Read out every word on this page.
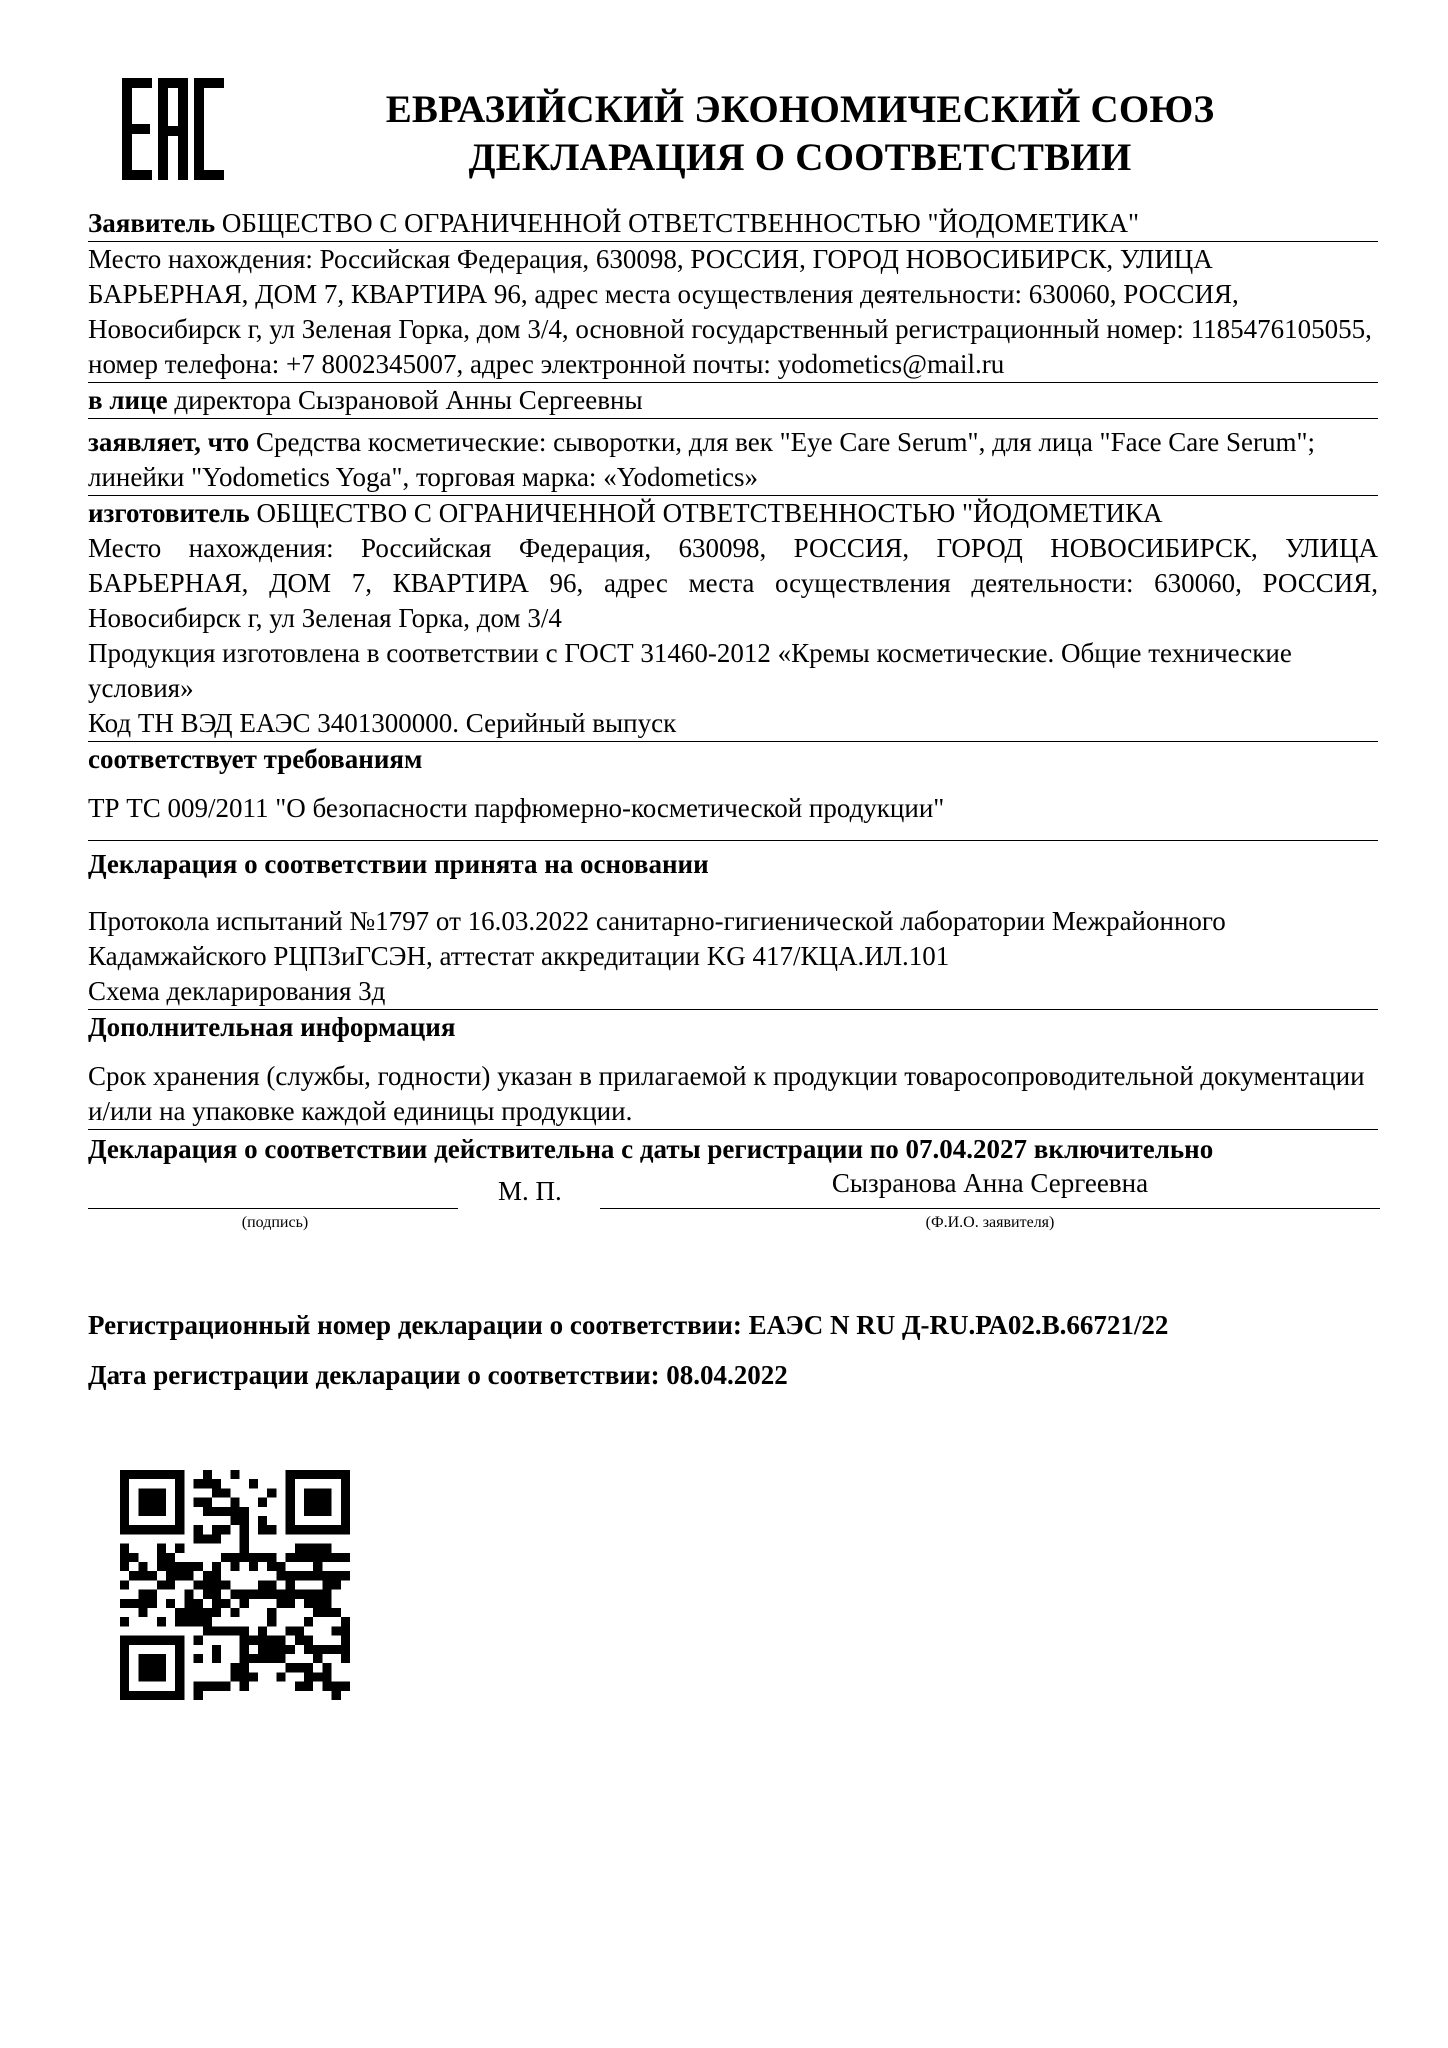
ЕВРАЗИЙСКИЙ ЭКОНОМИЧЕСКИЙ СОЮЗ
ДЕКЛАРАЦИЯ О СООТВЕТСТВИИ
Заявитель ОБЩЕСТВО С ОГРАНИЧЕННОЙ ОТВЕТСТВЕННОСТЬЮ "ЙОДОМЕТИКА"
Место нахождения: Российская Федерация, 630098, РОССИЯ, ГОРОД НОВОСИБИРСК, УЛИЦА БАРЬЕРНАЯ, ДОМ 7, КВАРТИРА 96, адрес места осуществления деятельности: 630060, РОССИЯ, Новосибирск г, ул Зеленая Горка, дом 3/4, основной государственный регистрационный номер: 1185476105055, номер телефона: +7 8002345007, адрес электронной почты: yodometics@mail.ru
в лице директора Сызрановой Анны Сергеевны
заявляет, что Средства косметические: сыворотки, для век "Eye Care Serum", для лица "Face Care Serum"; линейки "Yodometics Yoga", торговая марка: «Yodometics»
изготовитель ОБЩЕСТВО С ОГРАНИЧЕННОЙ ОТВЕТСТВЕННОСТЬЮ "ЙОДОМЕТИКА
Место нахождения: Российская Федерация, 630098, РОССИЯ, ГОРОД НОВОСИБИРСК, УЛИЦА БАРЬЕРНАЯ, ДОМ 7, КВАРТИРА 96, адрес места осуществления деятельности: 630060, РОССИЯ, Новосибирск г, ул Зеленая Горка, дом 3/4
Продукция изготовлена в соответствии с ГОСТ 31460-2012 «Кремы косметические. Общие технические условия»
Код ТН ВЭД ЕАЭС 3401300000. Серийный выпуск
соответствует требованиям
ТР ТС 009/2011 "О безопасности парфюмерно-косметической продукции"
Декларация о соответствии принята на основании
Протокола испытаний №1797 от 16.03.2022 санитарно-гигиенической лаборатории Межрайонного Кадамжайского РЦПЗиГСЭН, аттестат аккредитации KG 417/КЦА.ИЛ.101
Схема декларирования 3д
Дополнительная информация
Срок хранения (службы, годности) указан в прилагаемой к продукции товаросопроводительной документации и/или на упаковке каждой единицы продукции.
Декларация о соответствии действительна с даты регистрации по 07.04.2027 включительно
(подпись)
М. П.	Сызранова Анна Сергеевна
(Ф.И.О. заявителя)
Регистрационный номер декларации о соответствии: ЕАЭС N RU Д-RU.РА02.В.66721/22
Дата регистрации декларации о соответствии: 08.04.2022
